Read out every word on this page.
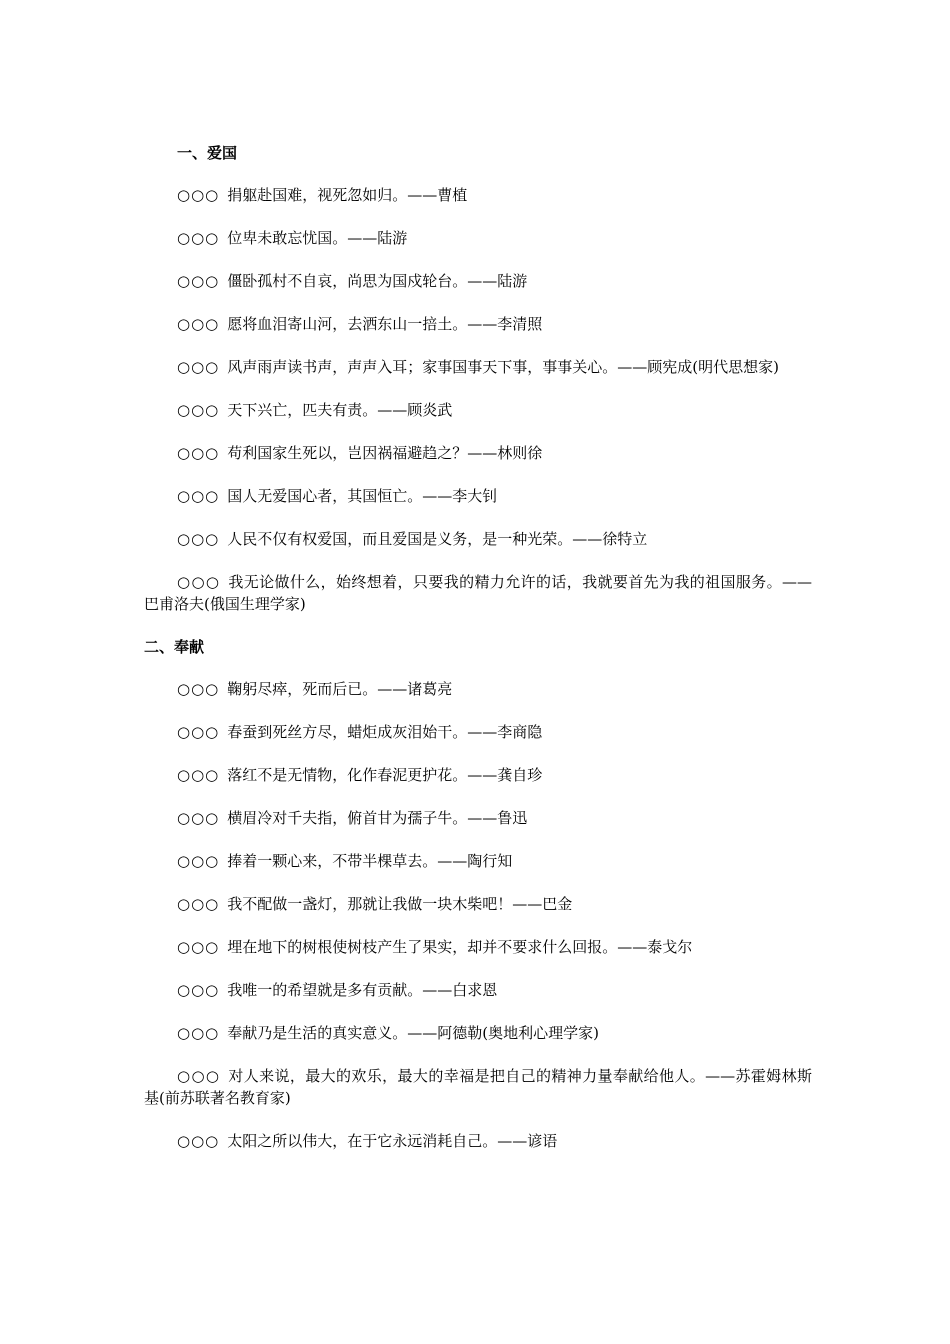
一、爱国

○○○ 捐躯赴国难，视死忽如归。——曹植

○○○ 位卑未敢忘忧国。——陆游

○○○ 僵卧孤村不自哀，尚思为国戍轮台。——陆游

○○○ 愿将血泪寄山河，去洒东山一掊土。——李清照

○○○ 风声雨声读书声，声声入耳；家事国事天下事，事事关心。——顾宪成(明代思想家)

○○○ 天下兴亡，匹夫有责。——顾炎武

○○○ 苟利国家生死以，岂因祸福避趋之？——林则徐

○○○ 国人无爱国心者，其国恒亡。——李大钊

○○○ 人民不仅有权爱国，而且爱国是义务，是一种光荣。——徐特立

○○○ 我无论做什么，始终想着，只要我的精力允许的话，我就要首先为我的祖国服务。——巴甫洛夫(俄国生理学家)

二、奉献

○○○ 鞠躬尽瘁，死而后已。——诸葛亮

○○○ 春蚕到死丝方尽，蜡炬成灰泪始干。——李商隐

○○○ 落红不是无情物，化作春泥更护花。——龚自珍

○○○ 横眉冷对千夫指，俯首甘为孺子牛。——鲁迅

○○○ 捧着一颗心来，不带半棵草去。——陶行知

○○○ 我不配做一盏灯，那就让我做一块木柴吧！——巴金

○○○ 埋在地下的树根使树枝产生了果实，却并不要求什么回报。——泰戈尔

○○○ 我唯一的希望就是多有贡献。——白求恩

○○○ 奉献乃是生活的真实意义。——阿德勒(奥地利心理学家)

○○○ 对人来说，最大的欢乐，最大的幸福是把自己的精神力量奉献给他人。——苏霍姆林斯基(前苏联著名教育家)

○○○ 太阳之所以伟大，在于它永远消耗自己。——谚语
